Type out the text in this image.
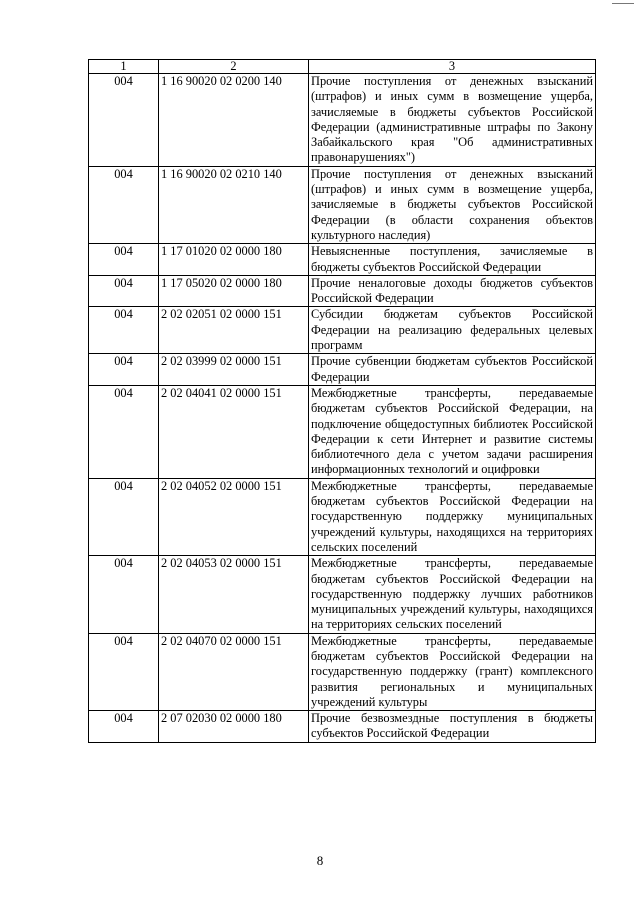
1	2	3
004	1 16 90020 02 0200 140	Прочие поступления от денежных взысканий (штрафов) и иных сумм в возмещение ущерба, зачисляемые в бюджеты субъектов Российской Федерации (административные штрафы по Закону Забайкальского края "Об административных правонарушениях")
004	1 16 90020 02 0210 140	Прочие поступления от денежных взысканий (штрафов) и иных сумм в возмещение ущерба, зачисляемые в бюджеты субъектов Российской Федерации (в области сохранения объектов культурного наследия)
004	1 17 01020 02 0000 180	Невыясненные поступления, зачисляемые в бюджеты субъектов Российской Федерации
004	1 17 05020 02 0000 180	Прочие неналоговые доходы бюджетов субъектов Российской Федерации
004	2 02 02051 02 0000 151	Субсидии бюджетам субъектов Российской Федерации на реализацию федеральных целевых программ
004	2 02 03999 02 0000 151	Прочие субвенции бюджетам субъектов Российской Федерации
004	2 02 04041 02 0000 151	Межбюджетные трансферты, передаваемые бюджетам субъектов Российской Федерации, на подключение общедоступных библиотек Российской Федерации к сети Интернет и развитие системы библиотечного дела с учетом задачи расширения информационных технологий и оцифровки
004	2 02 04052 02 0000 151	Межбюджетные трансферты, передаваемые бюджетам субъектов Российской Федерации на государственную поддержку муниципальных учреждений культуры, находящихся на территориях сельских поселений
004	2 02 04053 02 0000 151	Межбюджетные трансферты, передаваемые бюджетам субъектов Российской Федерации на государственную поддержку лучших работников муниципальных учреждений культуры, находящихся на территориях сельских поселений
004	2 02 04070 02 0000 151	Межбюджетные трансферты, передаваемые бюджетам субъектов Российской Федерации на государственную поддержку (грант) комплексного развития региональных и муниципальных учреждений культуры
004	2 07 02030 02 0000 180	Прочие безвозмездные поступления в бюджеты субъектов Российской Федерации
8
